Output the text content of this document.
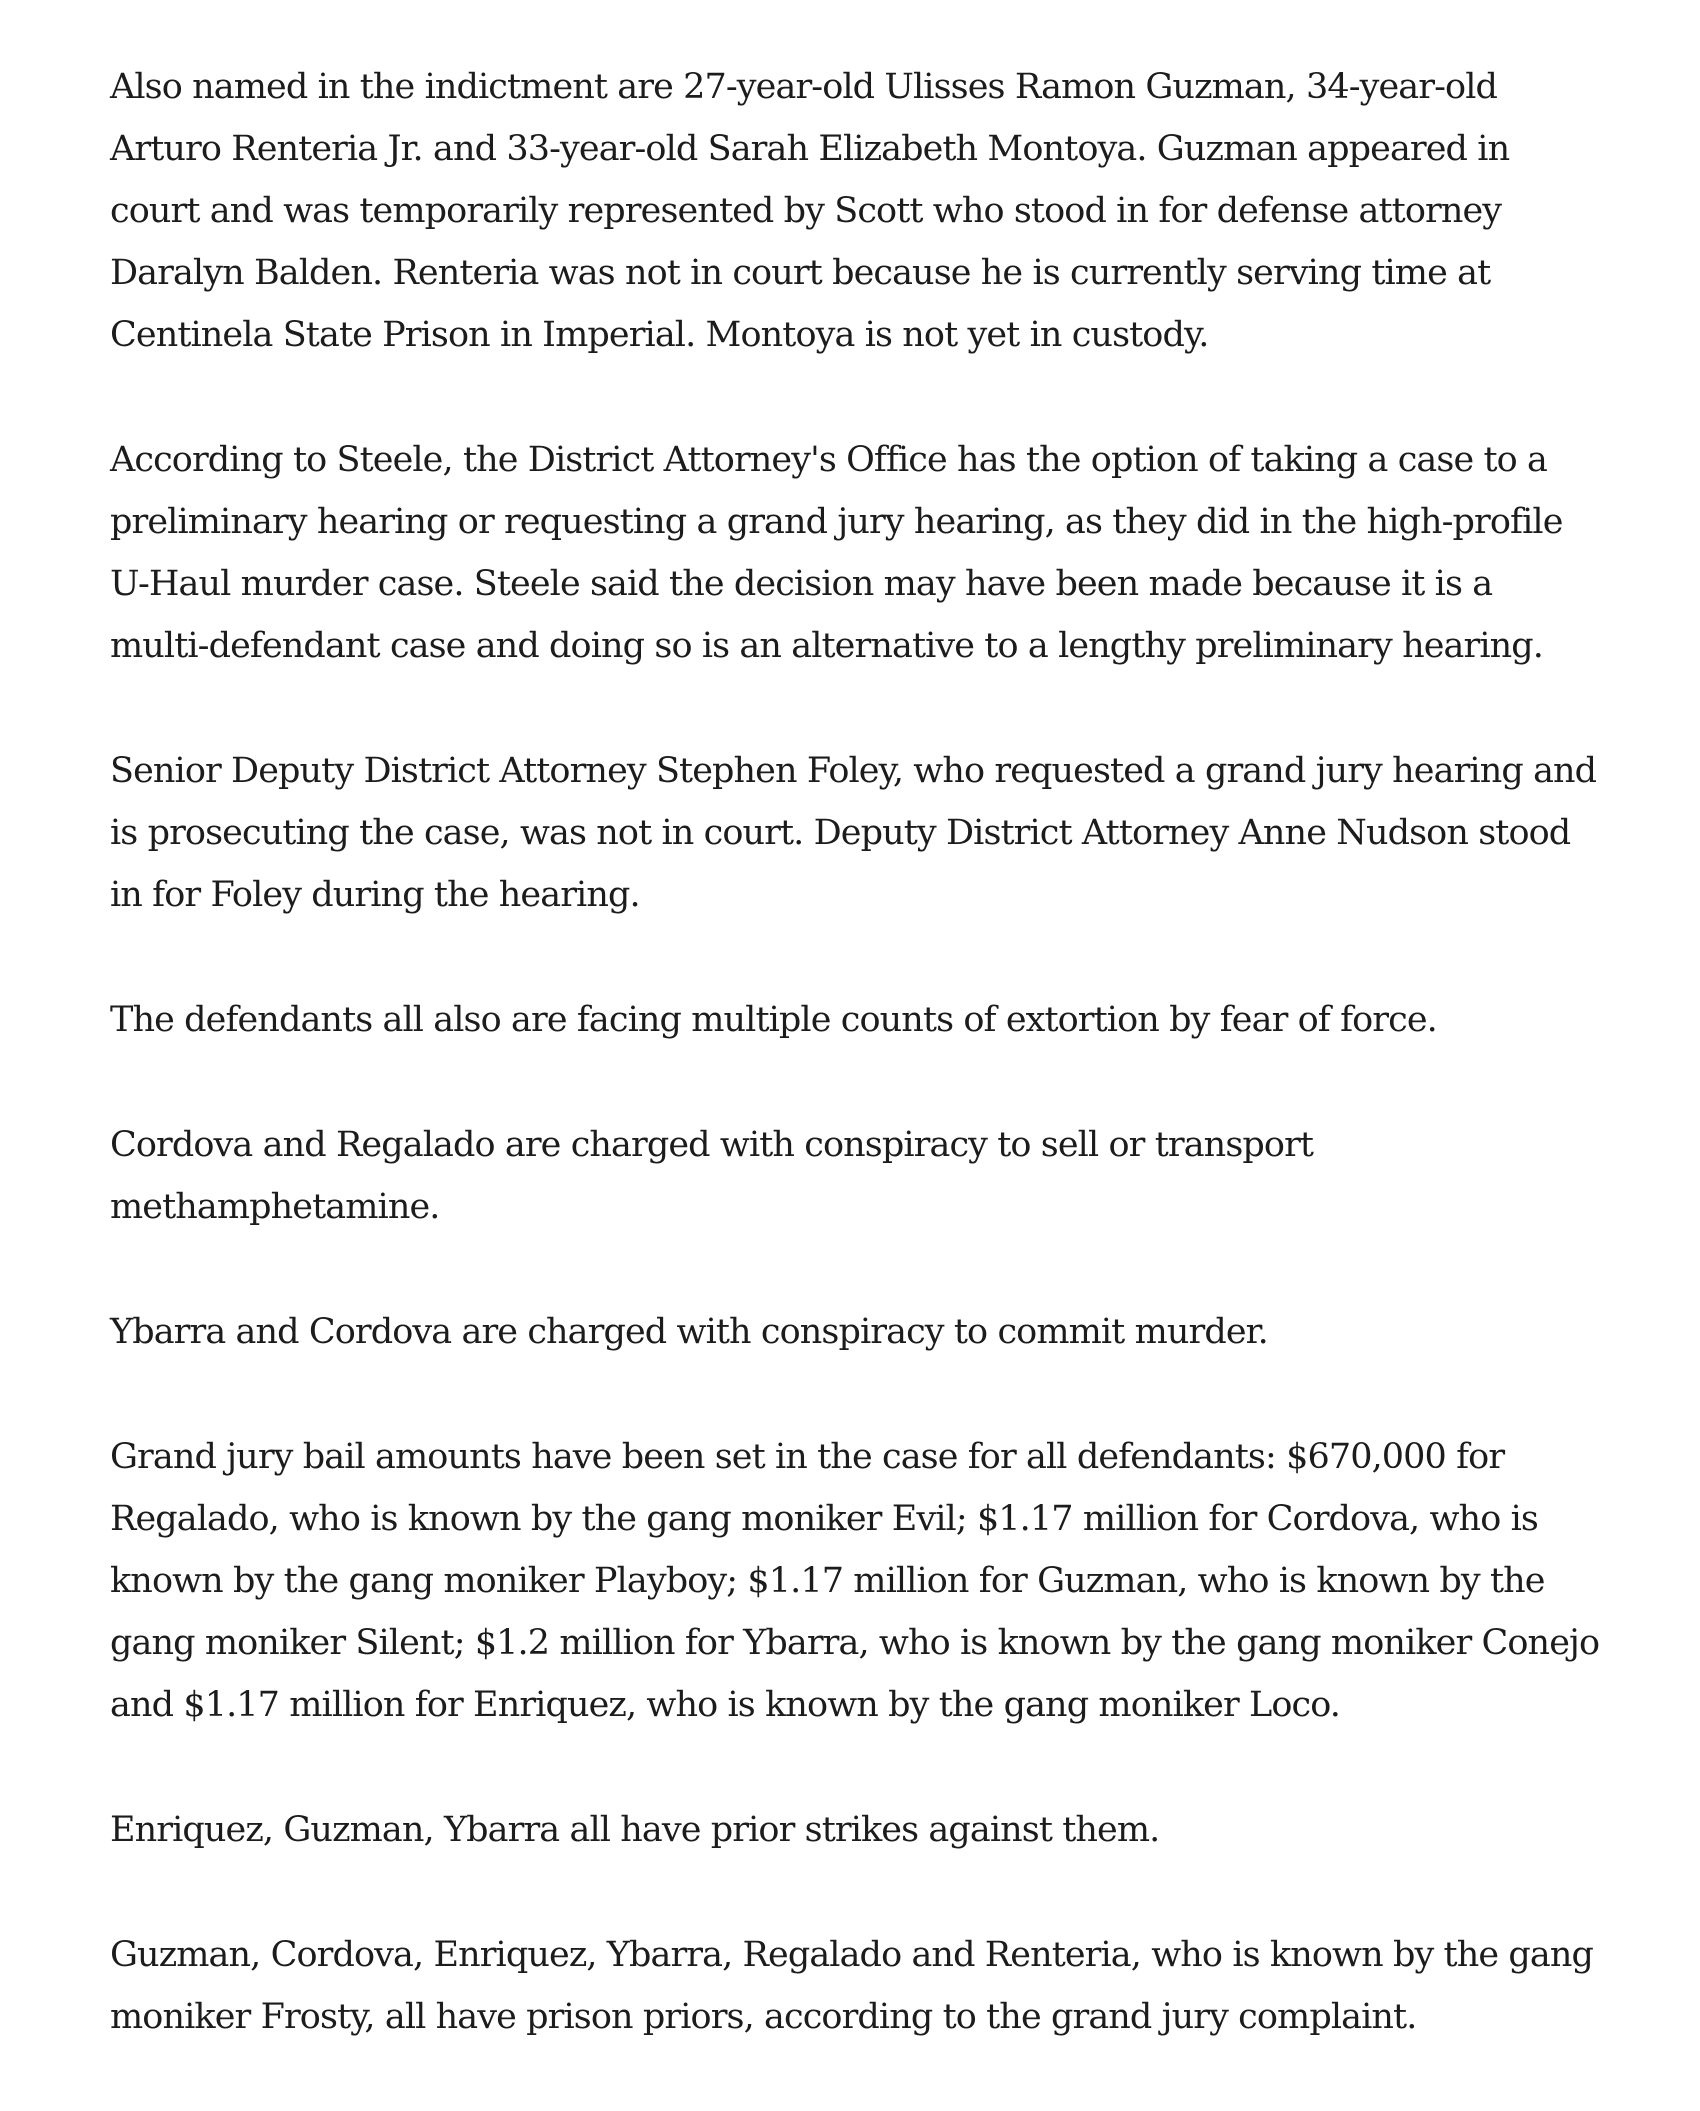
Also named in the indictment are 27-year-old Ulisses Ramon Guzman, 34-year-old Arturo Renteria Jr. and 33-year-old Sarah Elizabeth Montoya. Guzman appeared in court and was temporarily represented by Scott who stood in for defense attorney Daralyn Balden. Renteria was not in court because he is currently serving time at Centinela State Prison in Imperial. Montoya is not yet in custody.

According to Steele, the District Attorney's Office has the option of taking a case to a preliminary hearing or requesting a grand jury hearing, as they did in the high-profile U-Haul murder case. Steele said the decision may have been made because it is a multi-defendant case and doing so is an alternative to a lengthy preliminary hearing.

Senior Deputy District Attorney Stephen Foley, who requested a grand jury hearing and is prosecuting the case, was not in court. Deputy District Attorney Anne Nudson stood in for Foley during the hearing.

The defendants all also are facing multiple counts of extortion by fear of force.

Cordova and Regalado are charged with conspiracy to sell or transport methamphetamine.

Ybarra and Cordova are charged with conspiracy to commit murder.

Grand jury bail amounts have been set in the case for all defendants: $670,000 for Regalado, who is known by the gang moniker Evil; $1.17 million for Cordova, who is known by the gang moniker Playboy; $1.17 million for Guzman, who is known by the gang moniker Silent; $1.2 million for Ybarra, who is known by the gang moniker Conejo and $1.17 million for Enriquez, who is known by the gang moniker Loco.

Enriquez, Guzman, Ybarra all have prior strikes against them.

Guzman, Cordova, Enriquez, Ybarra, Regalado and Renteria, who is known by the gang moniker Frosty, all have prison priors, according to the grand jury complaint.
